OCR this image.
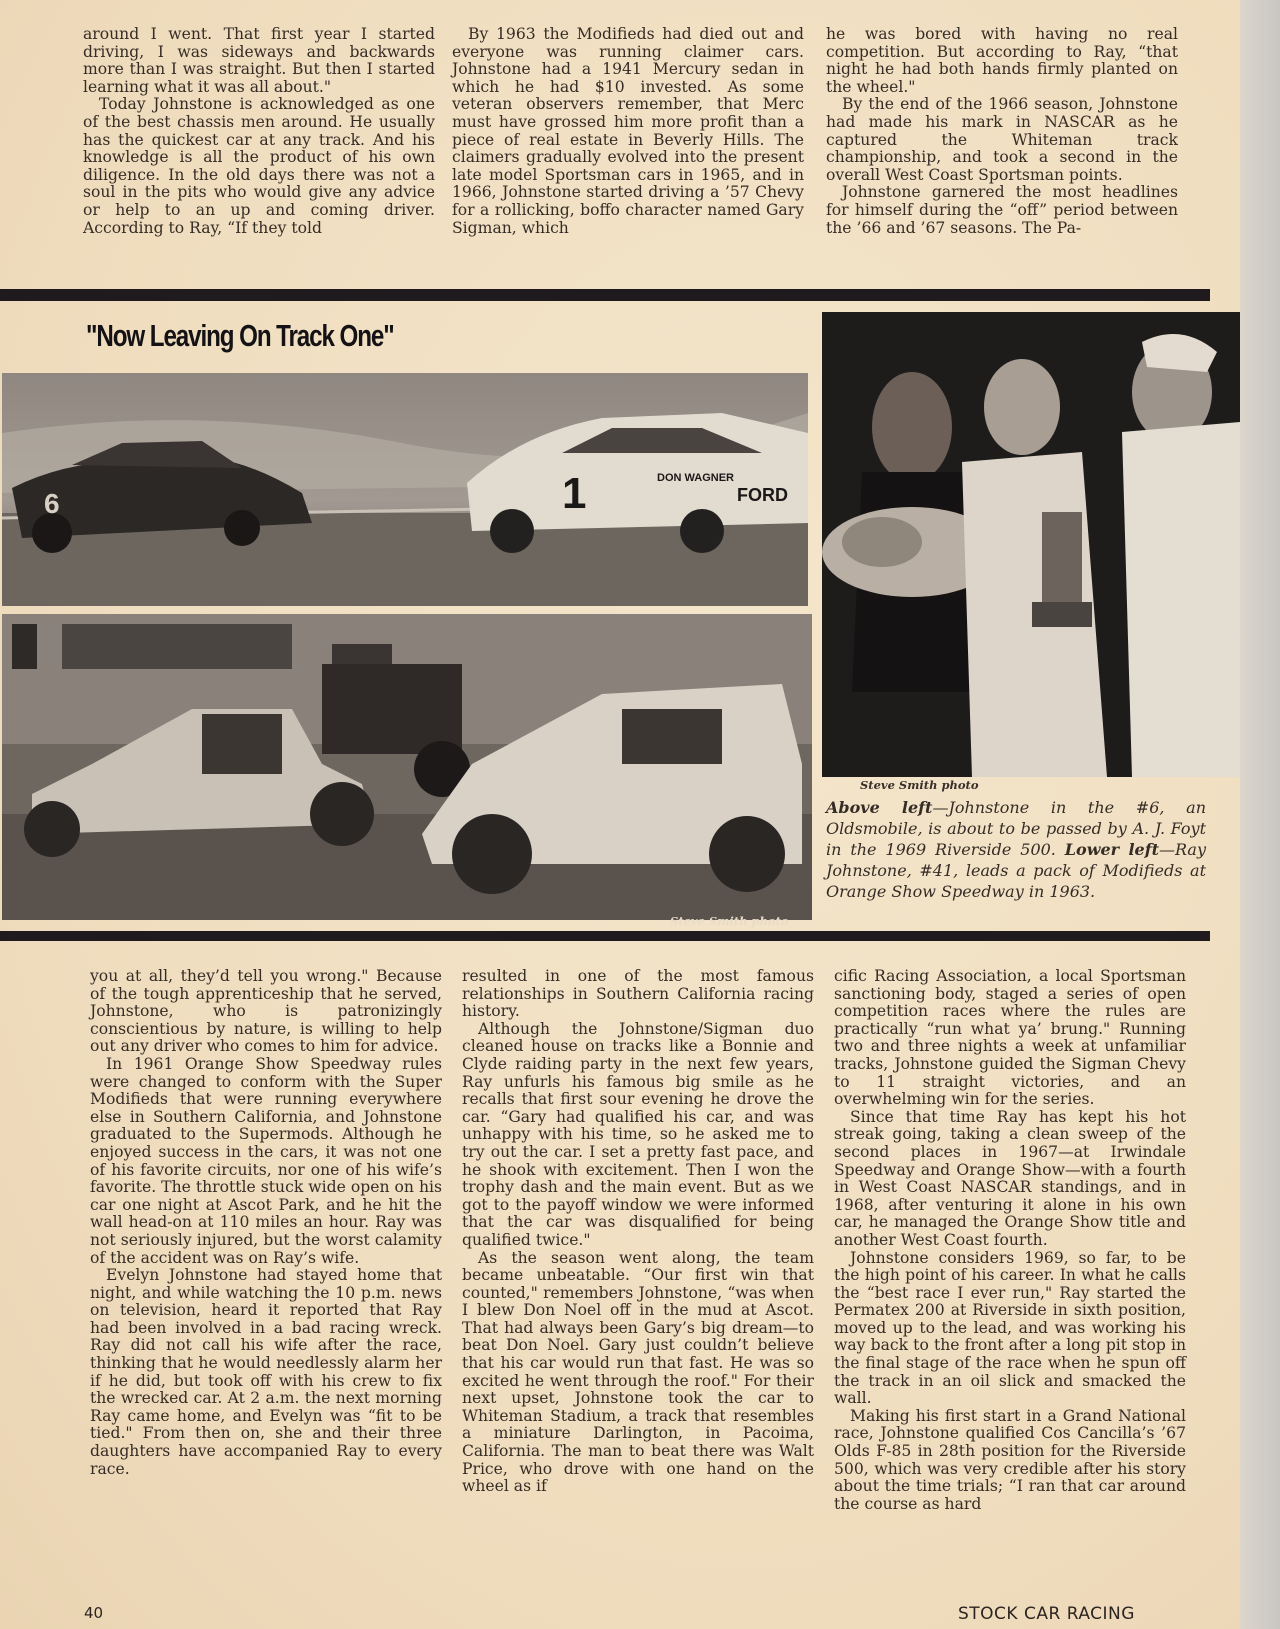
around I went. That first year I started driving, I was sideways and backwards more than I was straight. But then I started learning what it was all about."

Today Johnstone is acknowledged as one of the best chassis men around. He usually has the quickest car at any track. And his knowledge is all the product of his own diligence. In the old days there was not a soul in the pits who would give any advice or help to an up and coming driver. According to Ray, “If they told

By 1963 the Modifieds had died out and everyone was running claimer cars. Johnstone had a 1941 Mercury sedan in which he had $10 invested. As some veteran observers remember, that Merc must have grossed him more profit than a piece of real estate in Beverly Hills. The claimers gradually evolved into the present late model Sportsman cars in 1965, and in 1966, Johnstone started driving a ’57 Chevy for a rollicking, boffo character named Gary Sigman, which

he was bored with having no real competition. But according to Ray, “that night he had both hands firmly planted on the wheel."

By the end of the 1966 season, Johnstone had made his mark in NASCAR as he captured the Whiteman track championship, and took a second in the overall West Coast Sportsman points.

Johnstone garnered the most headlines for himself during the “off” period between the ’66 and ’67 seasons. The Pa-

"Now Leaving On Track One"
6	1	DON WAGNER
FORD
Steve Smith photo
Steve Smith photo
Above left—Johnstone in the #6, an Oldsmobile, is about to be passed by A. J. Foyt in the 1969 Riverside 500. Lower left—Ray Johnstone, #41, leads a pack of Modifieds at Orange Show Speedway in 1963.

you at all, they’d tell you wrong." Because of the tough apprenticeship that he served, Johnstone, who is patronizingly conscientious by nature, is willing to help out any driver who comes to him for advice.

In 1961 Orange Show Speedway rules were changed to conform with the Super Modifieds that were running everywhere else in Southern California, and Johnstone graduated to the Supermods. Although he enjoyed success in the cars, it was not one of his favorite circuits, nor one of his wife’s favorite. The throttle stuck wide open on his car one night at Ascot Park, and he hit the wall head-on at 110 miles an hour. Ray was not seriously injured, but the worst calamity of the accident was on Ray’s wife.

Evelyn Johnstone had stayed home that night, and while watching the 10 p.m. news on television, heard it reported that Ray had been involved in a bad racing wreck. Ray did not call his wife after the race, thinking that he would needlessly alarm her if he did, but took off with his crew to fix the wrecked car. At 2 a.m. the next morning Ray came home, and Evelyn was “fit to be tied." From then on, she and their three daughters have accompanied Ray to every race.

resulted in one of the most famous relationships in Southern California racing history.

Although the Johnstone/Sigman duo cleaned house on tracks like a Bonnie and Clyde raiding party in the next few years, Ray unfurls his famous big smile as he recalls that first sour evening he drove the car. “Gary had qualified his car, and was unhappy with his time, so he asked me to try out the car. I set a pretty fast pace, and he shook with excitement. Then I won the trophy dash and the main event. But as we got to the payoff window we were informed that the car was disqualified for being qualified twice."

As the season went along, the team became unbeatable. “Our first win that counted," remembers Johnstone, “was when I blew Don Noel off in the mud at Ascot. That had always been Gary’s big dream—to beat Don Noel. Gary just couldn’t believe that his car would run that fast. He was so excited he went through the roof." For their next upset, Johnstone took the car to Whiteman Stadium, a track that resembles a miniature Darlington, in Pacoima, California. The man to beat there was Walt Price, who drove with one hand on the wheel as if

cific Racing Association, a local Sportsman sanctioning body, staged a series of open competition races where the rules are practically “run what ya’ brung." Running two and three nights a week at unfamiliar tracks, Johnstone guided the Sigman Chevy to 11 straight victories, and an overwhelming win for the series.

Since that time Ray has kept his hot streak going, taking a clean sweep of the second places in 1967—at Irwindale Speedway and Orange Show—with a fourth in West Coast NASCAR standings, and in 1968, after venturing it alone in his own car, he managed the Orange Show title and another West Coast fourth.

Johnstone considers 1969, so far, to be the high point of his career. In what he calls the “best race I ever run," Ray started the Permatex 200 at Riverside in sixth position, moved up to the lead, and was working his way back to the front after a long pit stop in the final stage of the race when he spun off the track in an oil slick and smacked the wall.

Making his first start in a Grand National race, Johnstone qualified Cos Cancilla’s ’67 Olds F-85 in 28th position for the Riverside 500, which was very credible after his story about the time trials; “I ran that car around the course as hard

40	STOCK CAR RACING
